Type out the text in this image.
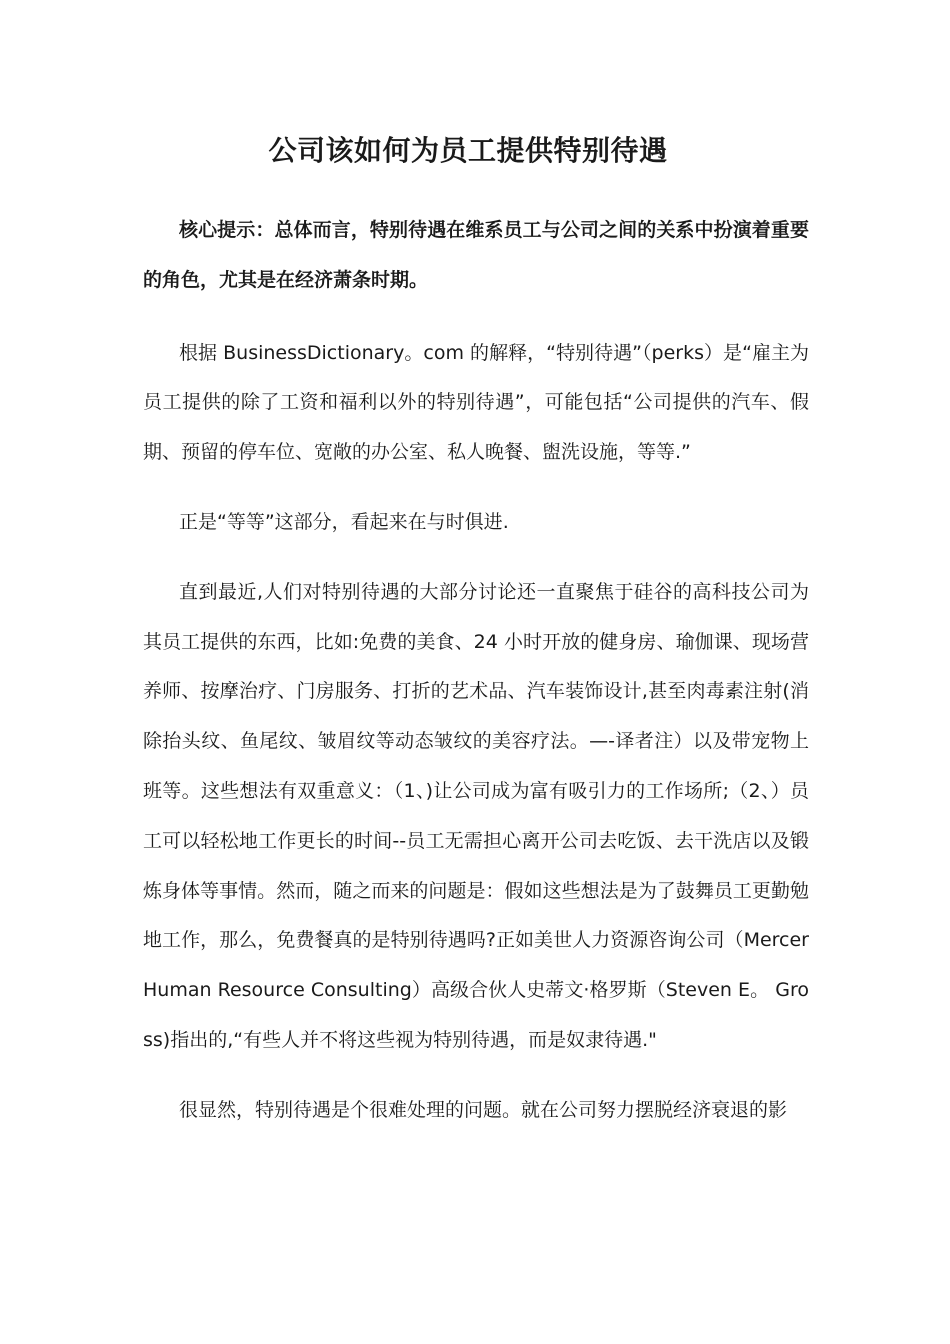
公司该如何为员工提供特别待遇

核心提示：总体而言，特别待遇在维系员工与公司之间的关系中扮演着重要的角色，尤其是在经济萧条时期。

根据 BusinessDictionary。com 的解释，“特别待遇”（perks）是“雇主为员工提供的除了工资和福利以外的特别待遇”，可能包括“公司提供的汽车、假期、预留的停车位、宽敞的办公室、私人晚餐、盥洗设施，等等.”

正是“等等”这部分，看起来在与时俱进.

直到最近,人们对特别待遇的大部分讨论还一直聚焦于硅谷的高科技公司为其员工提供的东西，比如:免费的美食、24 小时开放的健身房、瑜伽课、现场营养师、按摩治疗、门房服务、打折的艺术品、汽车装饰设计,甚至肉毒素注射(消除抬头纹、鱼尾纹、皱眉纹等动态皱纹的美容疗法。—-译者注）以及带宠物上班等。这些想法有双重意义：（1、)让公司成为富有吸引力的工作场所;（2、）员工可以轻松地工作更长的时间--员工无需担心离开公司去吃饭、去干洗店以及锻炼身体等事情。然而，随之而来的问题是：假如这些想法是为了鼓舞员工更勤勉地工作，那么，免费餐真的是特别待遇吗?正如美世人力资源咨询公司（Mercer Human Resource Consulting）高级合伙人史蒂文·格罗斯（Steven E。 Gross)指出的,“有些人并不将这些视为特别待遇，而是奴隶待遇."

很显然，特别待遇是个很难处理的问题。就在公司努力摆脱经济衰退的影
